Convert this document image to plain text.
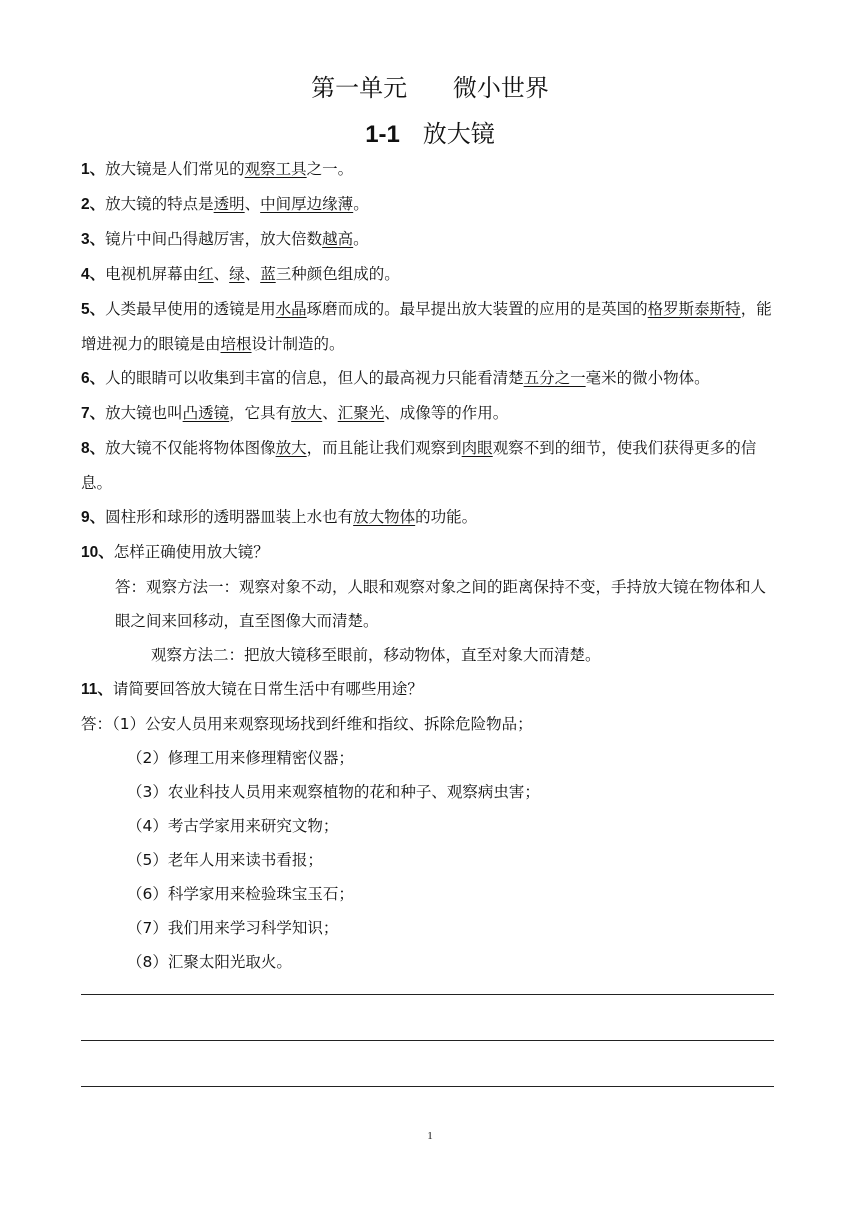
第一单元      微小世界
1-1 放大镜

1、放大镜是人们常见的观察工具之一。

2、放大镜的特点是透明、中间厚边缘薄。

3、镜片中间凸得越厉害，放大倍数越高。

4、电视机屏幕由红、绿、蓝三种颜色组成的。

5、人类最早使用的透镜是用水晶琢磨而成的。最早提出放大装置的应用的是英国的格罗斯泰斯特，能增进视力的眼镜是由培根设计制造的。

6、人的眼睛可以收集到丰富的信息，但人的最高视力只能看清楚五分之一毫米的微小物体。

7、放大镜也叫凸透镜，它具有放大、汇聚光、成像等的作用。

8、放大镜不仅能将物体图像放大，而且能让我们观察到肉眼观察不到的细节，使我们获得更多的信息。

9、圆柱形和球形的透明器皿装上水也有放大物体的功能。

10、怎样正确使用放大镜？

答：观察方法一：观察对象不动，人眼和观察对象之间的距离保持不变，手持放大镜在物体和人眼之间来回移动，直至图像大而清楚。

观察方法二：把放大镜移至眼前，移动物体，直至对象大而清楚。

11、请简要回答放大镜在日常生活中有哪些用途？

答：（1）公安人员用来观察现场找到纤维和指纹、拆除危险物品；

（2）修理工用来修理精密仪器；

（3）农业科技人员用来观察植物的花和种子、观察病虫害；

（4）考古学家用来研究文物；

（5）老年人用来读书看报；

（6）科学家用来检验珠宝玉石；

（7）我们用来学习科学知识；

（8）汇聚太阳光取火。

1
